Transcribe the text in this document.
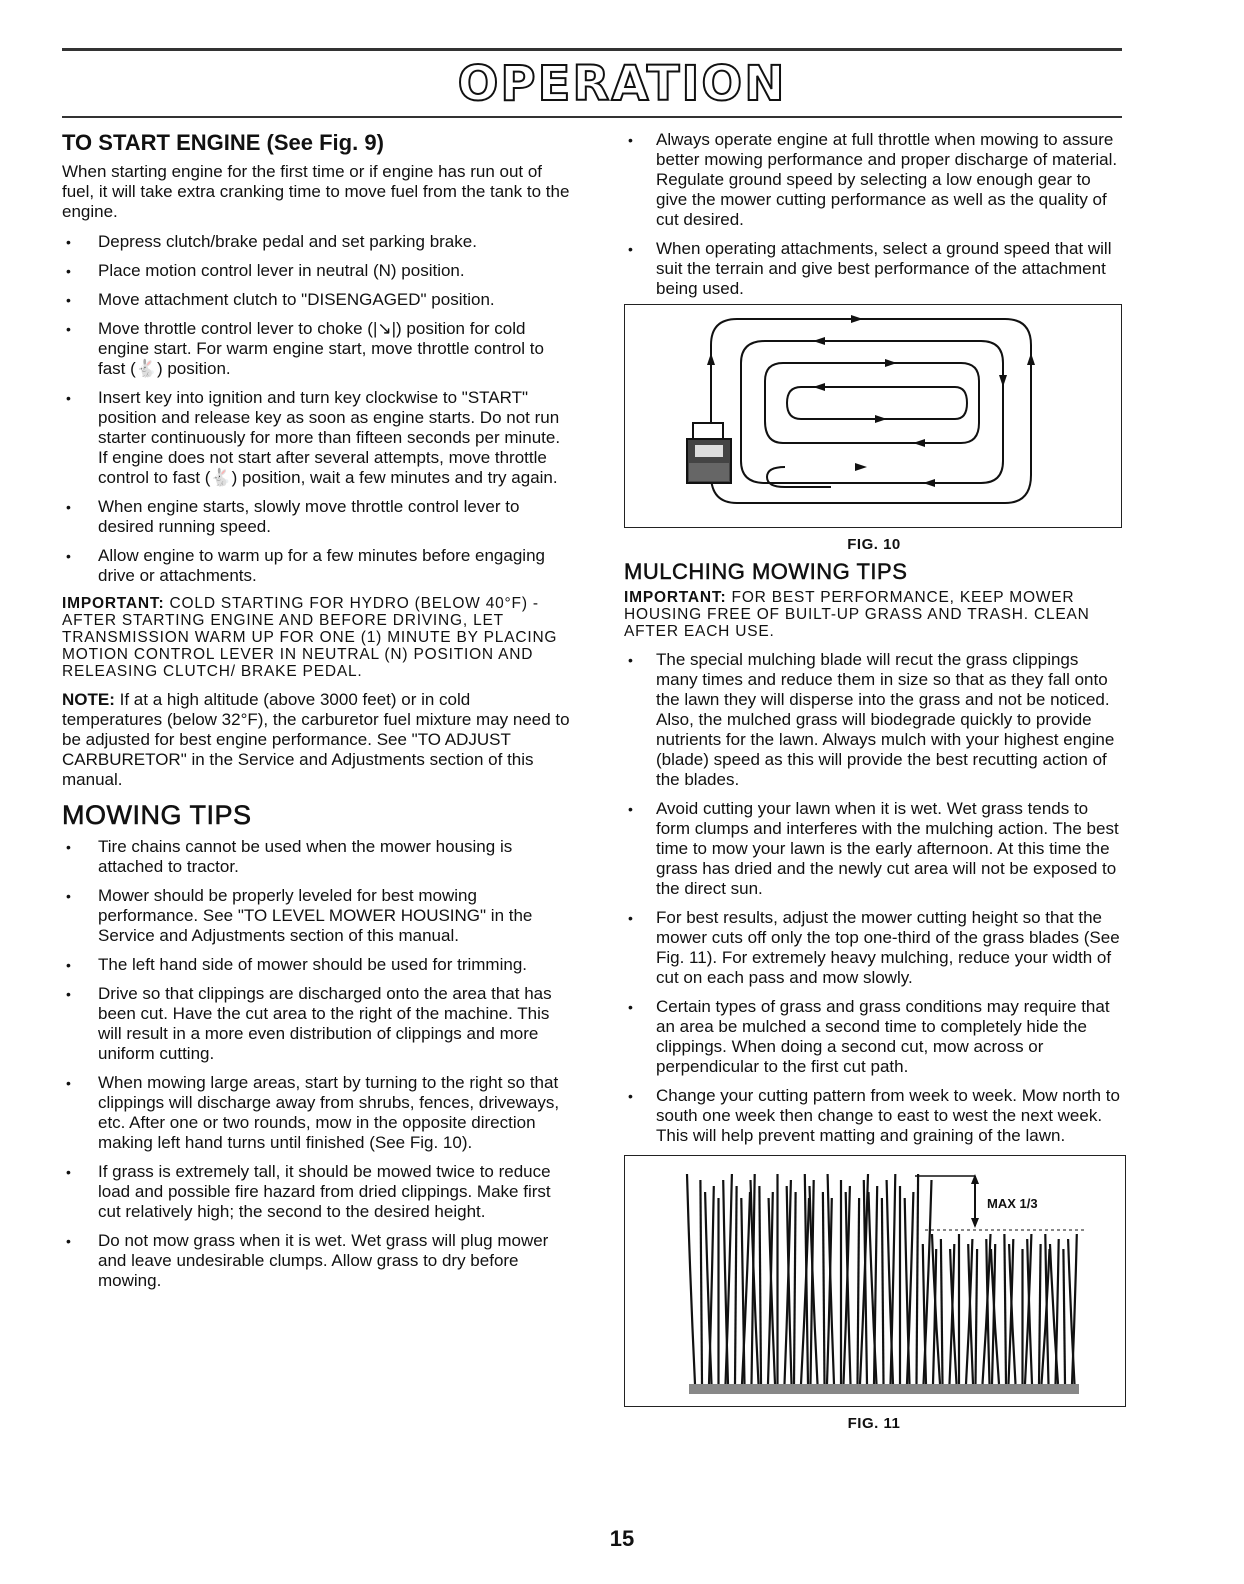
OPERATION
TO START ENGINE (See Fig. 9)

When starting engine for the first time or if engine has run out of fuel, it will take extra cranking time to move fuel from the tank to the engine.

• Depress clutch/brake pedal and set parking brake.
• Place motion control lever in neutral (N) position.
• Move attachment clutch to "DISENGAGED" position.
• Move throttle control lever to choke (|↘|) position for cold engine start. For warm engine start, move throttle control to fast (🐇) position.
• Insert key into ignition and turn key clockwise to "START" position and release key as soon as engine starts. Do not run starter continuously for more than fifteen seconds per minute. If engine does not start after several attempts, move throttle control to fast (🐇) position, wait a few minutes and try again.
• When engine starts, slowly move throttle control lever to desired running speed.
• Allow engine to warm up for a few minutes before engaging drive or attachments.

IMPORTANT: COLD STARTING FOR HYDRO (BELOW 40°F) - AFTER STARTING ENGINE AND BEFORE DRIVING, LET TRANSMISSION WARM UP FOR ONE (1) MINUTE BY PLACING MOTION CONTROL LEVER IN NEUTRAL (N) POSITION AND RELEASING CLUTCH/ BRAKE PEDAL.

NOTE: If at a high altitude (above 3000 feet) or in cold temperatures (below 32°F), the carburetor fuel mixture may need to be adjusted for best engine performance. See "TO ADJUST CARBURETOR" in the Service and Adjustments section of this manual.

MOWING TIPS
• Tire chains cannot be used when the mower housing is attached to tractor.
• Mower should be properly leveled for best mowing performance. See "TO LEVEL MOWER HOUSING" in the Service and Adjustments section of this manual.
• The left hand side of mower should be used for trimming.
• Drive so that clippings are discharged onto the area that has been cut. Have the cut area to the right of the machine. This will result in a more even distribution of clippings and more uniform cutting.
• When mowing large areas, start by turning to the right so that clippings will discharge away from shrubs, fences, driveways, etc. After one or two rounds, mow in the opposite direction making left hand turns until finished (See Fig. 10).
• If grass is extremely tall, it should be mowed twice to reduce load and possible fire hazard from dried clippings. Make first cut relatively high; the second to the desired height.
• Do not mow grass when it is wet. Wet grass will plug mower and leave undesirable clumps. Allow grass to dry before mowing.
• Always operate engine at full throttle when mowing to assure better mowing performance and proper discharge of material. Regulate ground speed by selecting a low enough gear to give the mower cutting performance as well as the quality of cut desired.
• When operating attachments, select a ground speed that will suit the terrain and give best performance of the attachment being used.
FIG. 10
MULCHING MOWING TIPS

IMPORTANT: FOR BEST PERFORMANCE, KEEP MOWER HOUSING FREE OF BUILT-UP GRASS AND TRASH. CLEAN AFTER EACH USE.

• The special mulching blade will recut the grass clippings many times and reduce them in size so that as they fall onto the lawn they will disperse into the grass and not be noticed. Also, the mulched grass will biodegrade quickly to provide nutrients for the lawn. Always mulch with your highest engine (blade) speed as this will provide the best recutting action of the blades.
• Avoid cutting your lawn when it is wet. Wet grass tends to form clumps and interferes with the mulching action. The best time to mow your lawn is the early afternoon. At this time the grass has dried and the newly cut area will not be exposed to the direct sun.
• For best results, adjust the mower cutting height so that the mower cuts off only the top one-third of the grass blades (See Fig. 11). For extremely heavy mulching, reduce your width of cut on each pass and mow slowly.
• Certain types of grass and grass conditions may require that an area be mulched a second time to completely hide the clippings. When doing a second cut, mow across or perpendicular to the first cut path.
• Change your cutting pattern from week to week. Mow north to south one week then change to east to west the next week. This will help prevent matting and graining of the lawn.
MAX 1/3
FIG. 11
15
